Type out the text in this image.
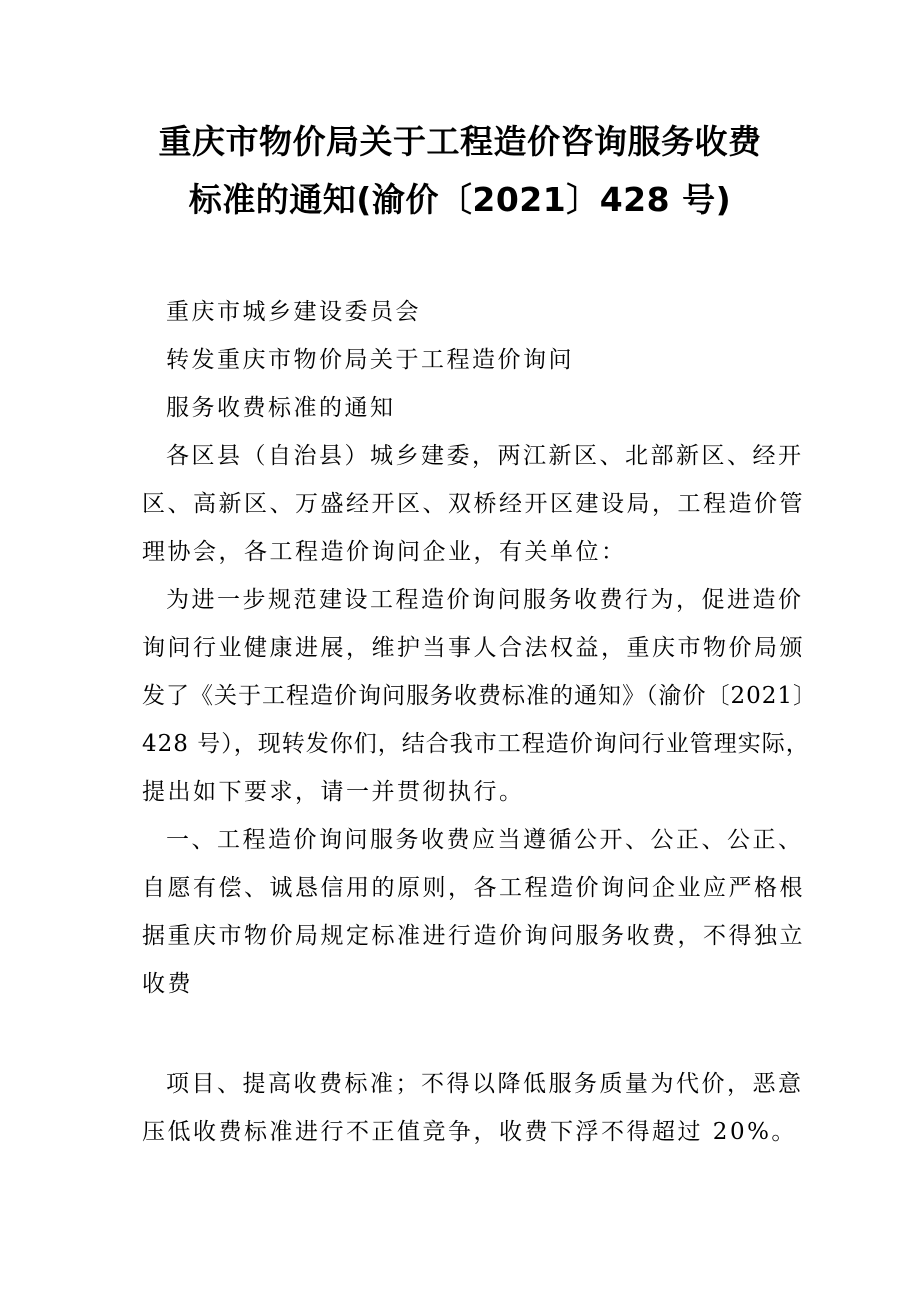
重庆市物价局关于工程造价咨询服务收费
标准的通知(渝价〔2021〕428 号)
重庆市城乡建设委员会
转发重庆市物价局关于工程造价询问
服务收费标准的通知
各区县（自治县）城乡建委，两江新区、北部新区、经开
区、高新区、万盛经开区、双桥经开区建设局，工程造价管
理协会，各工程造价询问企业，有关单位：
为进一步规范建设工程造价询问服务收费行为，促进造价
询问行业健康进展，维护当事人合法权益，重庆市物价局颁
发了《关于工程造价询问服务收费标准的通知》（渝价〔2021〕
428 号），现转发你们，结合我市工程造价询问行业管理实际，
提出如下要求，请一并贯彻执行。
一、工程造价询问服务收费应当遵循公开、公正、公正、
自愿有偿、诚恳信用的原则，各工程造价询问企业应严格根
据重庆市物价局规定标准进行造价询问服务收费，不得独立
收费
项目、提高收费标准；不得以降低服务质量为代价，恶意
压低收费标准进行不正值竞争，收费下浮不得超过 20%。
